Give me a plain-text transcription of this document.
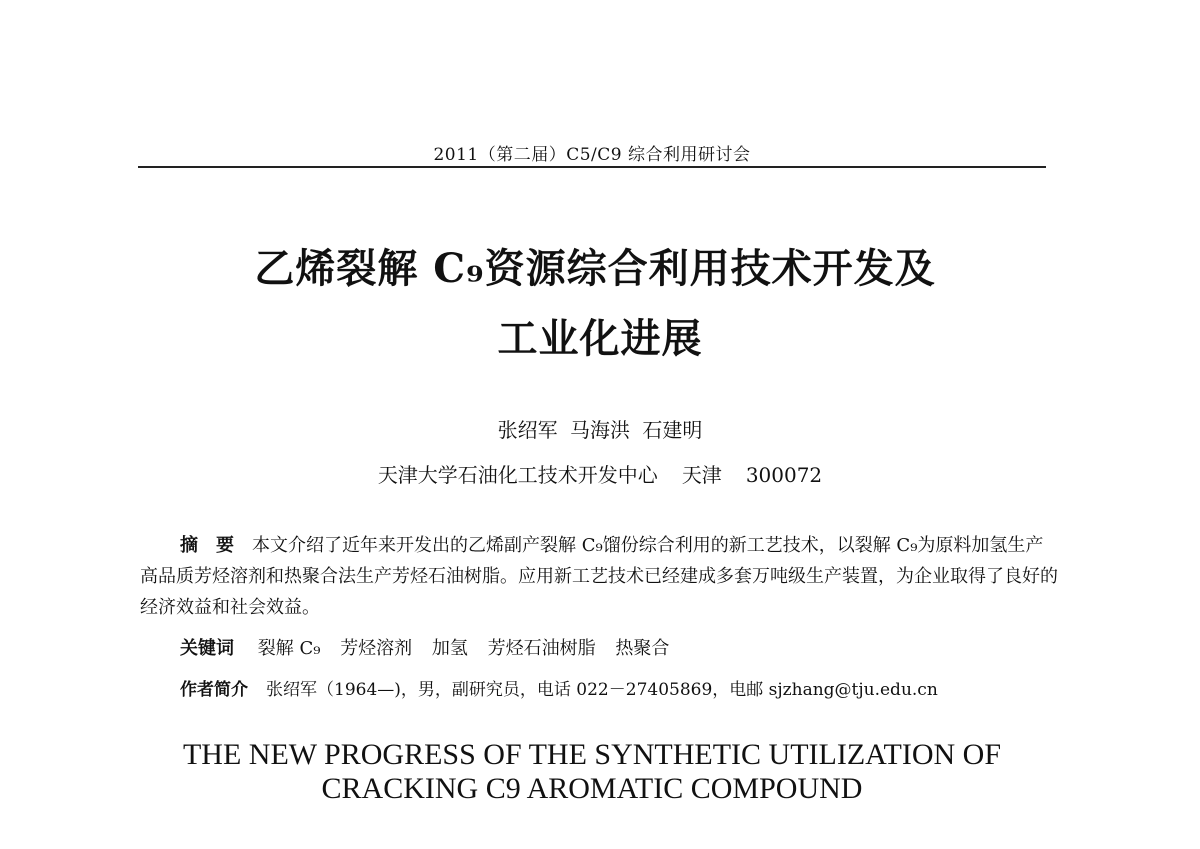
2011（第二届）C5/C9 综合利用研讨会
乙烯裂解 C₉资源综合利用技术开发及
工业化进展
张绍军 马海洪 石建明
天津大学石油化工技术开发中心 天津 300072
摘　要 本文介绍了近年来开发出的乙烯副产裂解 C₉馏份综合利用的新工艺技术，以裂解 C₉为原料加氢生产高品质芳烃溶剂和热聚合法生产芳烃石油树脂。应用新工艺技术已经建成多套万吨级生产装置，为企业取得了良好的经济效益和社会效益。
关键词 裂解 C₉ 芳烃溶剂 加氢 芳烃石油树脂 热聚合
作者简介 张绍军（1964—)，男，副研究员，电话 022－27405869，电邮 sjzhang@tju.edu.cn
THE NEW PROGRESS OF THE SYNTHETIC UTILIZATION OF
CRACKING C9 AROMATIC COMPOUND
